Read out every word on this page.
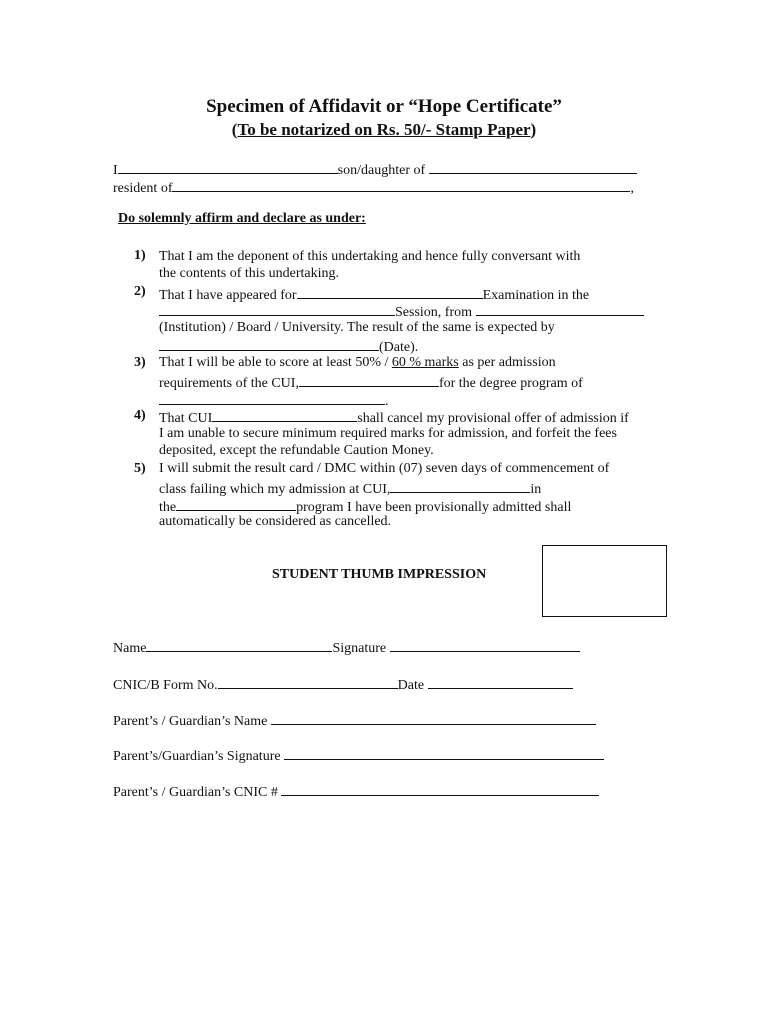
Specimen of Affidavit or “Hope Certificate”

(To be notarized on Rs. 50/- Stamp Paper)

I	son/daughter of
resident of	,

Do solemnly affirm and declare as under:

1) That I am the deponent of this undertaking and hence fully conversant with
the contents of this undertaking.
2) That I have appeared for	Examination in the
Session, from
(Institution) / Board / University. The result of the same is expected by
(Date).
3) That I will be able to score at least 50% / 60 % marks as per admission
requirements of the CUI,	for the degree program of
.
4) That CUI	shall cancel my provisional offer of admission if
I am unable to secure minimum required marks for admission, and forfeit the fees
deposited, except the refundable Caution Money.
5) I will submit the result card / DMC within (07) seven days of commencement of
class failing which my admission at CUI,	in
the	program I have been provisionally admitted shall
automatically be considered as cancelled.
STUDENT THUMB IMPRESSION
Name	Signature
CNIC/B Form No.	Date
Parent’s / Guardian’s Name
Parent’s/Guardian’s Signature
Parent’s / Guardian’s CNIC #
